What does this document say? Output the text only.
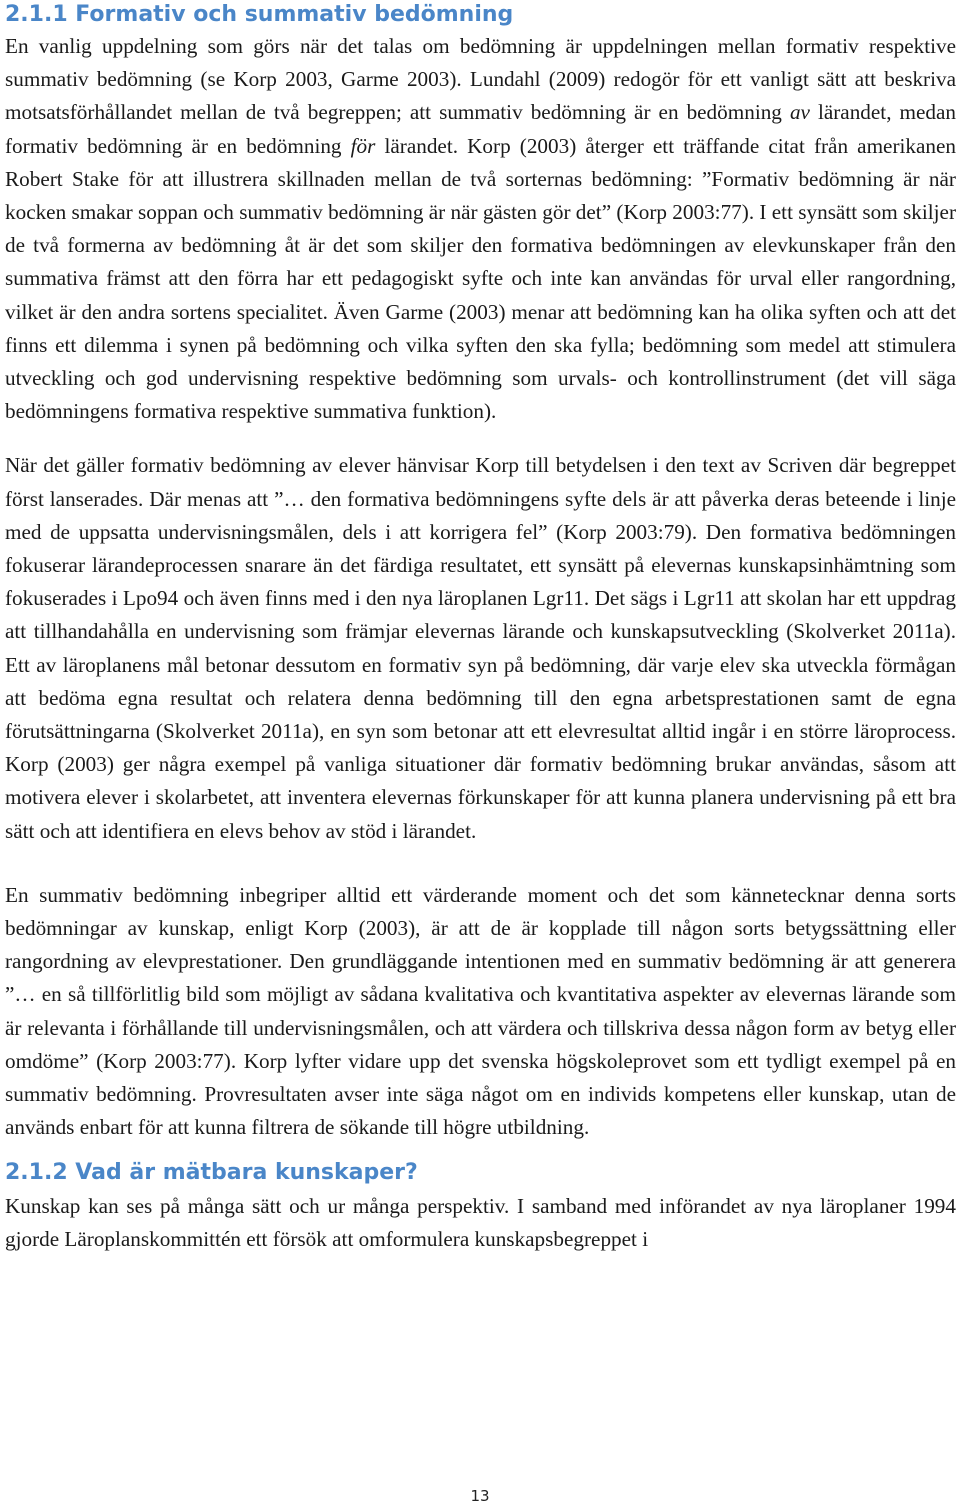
2.1.1 Formativ och summativ bedömning

En vanlig uppdelning som görs när det talas om bedömning är uppdelningen mellan formativ respektive summativ bedömning (se Korp 2003, Garme 2003). Lundahl (2009) redogör för ett vanligt sätt att beskriva motsatsförhållandet mellan de två begreppen; att summativ bedömning är en bedömning av lärandet, medan formativ bedömning är en bedömning för lärandet. Korp (2003) återger ett träffande citat från amerikanen Robert Stake för att illustrera skillnaden mellan de två sorternas bedömning: ”Formativ bedömning är när kocken smakar soppan och summativ bedömning är när gästen gör det” (Korp 2003:77). I ett synsätt som skiljer de två formerna av bedömning åt är det som skiljer den formativa bedömningen av elevkunskaper från den summativa främst att den förra har ett pedagogiskt syfte och inte kan användas för urval eller rangordning, vilket är den andra sortens specialitet. Även Garme (2003) menar att bedömning kan ha olika syften och att det finns ett dilemma i synen på bedömning och vilka syften den ska fylla; bedömning som medel att stimulera utveckling och god undervisning respektive bedömning som urvals- och kontrollinstrument (det vill säga bedömningens formativa respektive summativa funktion).

När det gäller formativ bedömning av elever hänvisar Korp till betydelsen i den text av Scriven där begreppet först lanserades. Där menas att ”… den formativa bedömningens syfte dels är att påverka deras beteende i linje med de uppsatta undervisningsmålen, dels i att korrigera fel” (Korp 2003:79). Den formativa bedömningen fokuserar lärandeprocessen snarare än det färdiga resultatet, ett synsätt på elevernas kunskapsinhämtning som fokuserades i Lpo94 och även finns med i den nya läroplanen Lgr11. Det sägs i Lgr11 att skolan har ett uppdrag att tillhandahålla en undervisning som främjar elevernas lärande och kunskapsutveckling (Skolverket 2011a). Ett av läroplanens mål betonar dessutom en formativ syn på bedömning, där varje elev ska utveckla förmågan att bedöma egna resultat och relatera denna bedömning till den egna arbetsprestationen samt de egna förutsättningarna (Skolverket 2011a), en syn som betonar att ett elevresultat alltid ingår i en större läroprocess. Korp (2003) ger några exempel på vanliga situationer där formativ bedömning brukar användas, såsom att motivera elever i skolarbetet, att inventera elevernas förkunskaper för att kunna planera undervisning på ett bra sätt och att identifiera en elevs behov av stöd i lärandet.

En summativ bedömning inbegriper alltid ett värderande moment och det som kännetecknar denna sorts bedömningar av kunskap, enligt Korp (2003), är att de är kopplade till någon sorts betygssättning eller rangordning av elevprestationer. Den grundläggande intentionen med en summativ bedömning är att generera ”… en så tillförlitlig bild som möjligt av sådana kvalitativa och kvantitativa aspekter av elevernas lärande som är relevanta i förhållande till undervisningsmålen, och att värdera och tillskriva dessa någon form av betyg eller omdöme” (Korp 2003:77). Korp lyfter vidare upp det svenska högskoleprovet som ett tydligt exempel på en summativ bedömning. Provresultaten avser inte säga något om en individs kompetens eller kunskap, utan de används enbart för att kunna filtrera de sökande till högre utbildning.

2.1.2 Vad är mätbara kunskaper?

Kunskap kan ses på många sätt och ur många perspektiv. I samband med införandet av nya läroplaner 1994 gjorde Läroplanskommittén ett försök att omformulera kunskapsbegreppet i

13
